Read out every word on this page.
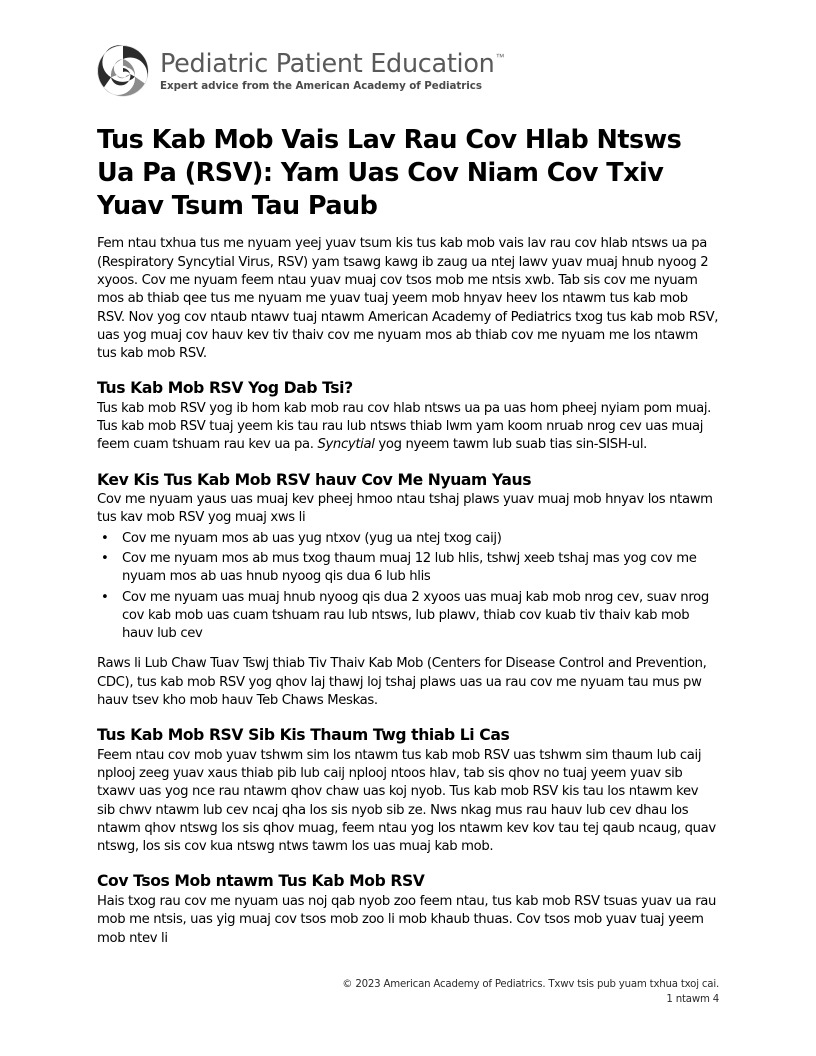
Pediatric Patient Education ™
Expert advice from the American Academy of Pediatrics
Tus Kab Mob Vais Lav Rau Cov Hlab Ntsws Ua Pa (RSV): Yam Uas Cov Niam Cov Txiv Yuav Tsum Tau Paub

Fem ntau txhua tus me nyuam yeej yuav tsum kis tus kab mob vais lav rau cov hlab ntsws ua pa (Respiratory Syncytial Virus, RSV) yam tsawg kawg ib zaug ua ntej lawv yuav muaj hnub nyoog 2 xyoos. Cov me nyuam feem ntau yuav muaj cov tsos mob me ntsis xwb. Tab sis cov me nyuam mos ab thiab qee tus me nyuam me yuav tuaj yeem mob hnyav heev los ntawm tus kab mob RSV. Nov yog cov ntaub ntawv tuaj ntawm American Academy of Pediatrics txog tus kab mob RSV, uas yog muaj cov hauv kev tiv thaiv cov me nyuam mos ab thiab cov me nyuam me los ntawm tus kab mob RSV.

Tus Kab Mob RSV Yog Dab Tsi?

Tus kab mob RSV yog ib hom kab mob rau cov hlab ntsws ua pa uas hom pheej nyiam pom muaj. Tus kab mob RSV tuaj yeem kis tau rau lub ntsws thiab lwm yam koom nruab nrog cev uas muaj feem cuam tshuam rau kev ua pa. Syncytial yog nyeem tawm lub suab tias sin-SISH-ul.

Kev Kis Tus Kab Mob RSV hauv Cov Me Nyuam Yaus

Cov me nyuam yaus uas muaj kev pheej hmoo ntau tshaj plaws yuav muaj mob hnyav los ntawm tus kav mob RSV yog muaj xws li

• Cov me nyuam mos ab uas yug ntxov (yug ua ntej txog caij)
• Cov me nyuam mos ab mus txog thaum muaj 12 lub hlis, tshwj xeeb tshaj mas yog cov me nyuam mos ab uas hnub nyoog qis dua 6 lub hlis
• Cov me nyuam uas muaj hnub nyoog qis dua 2 xyoos uas muaj kab mob nrog cev, suav nrog cov kab mob uas cuam tshuam rau lub ntsws, lub plawv, thiab cov kuab tiv thaiv kab mob hauv lub cev

Raws li Lub Chaw Tuav Tswj thiab Tiv Thaiv Kab Mob (Centers for Disease Control and Prevention, CDC), tus kab mob RSV yog qhov laj thawj loj tshaj plaws uas ua rau cov me nyuam tau mus pw hauv tsev kho mob hauv Teb Chaws Meskas.

Tus Kab Mob RSV Sib Kis Thaum Twg thiab Li Cas

Feem ntau cov mob yuav tshwm sim los ntawm tus kab mob RSV uas tshwm sim thaum lub caij nplooj zeeg yuav xaus thiab pib lub caij nplooj ntoos hlav, tab sis qhov no tuaj yeem yuav sib txawv uas yog nce rau ntawm qhov chaw uas koj nyob. Tus kab mob RSV kis tau los ntawm kev sib chwv ntawm lub cev ncaj qha los sis nyob sib ze. Nws nkag mus rau hauv lub cev dhau los ntawm qhov ntswg los sis qhov muag, feem ntau yog los ntawm kev kov tau tej qaub ncaug, quav ntswg, los sis cov kua ntswg ntws tawm los uas muaj kab mob.

Cov Tsos Mob ntawm Tus Kab Mob RSV

Hais txog rau cov me nyuam uas noj qab nyob zoo feem ntau, tus kab mob RSV tsuas yuav ua rau mob me ntsis, uas yig muaj cov tsos mob zoo li mob khaub thuas. Cov tsos mob yuav tuaj yeem mob ntev li

© 2023 American Academy of Pediatrics. Txwv tsis pub yuam txhua txoj cai.
1 ntawm 4
